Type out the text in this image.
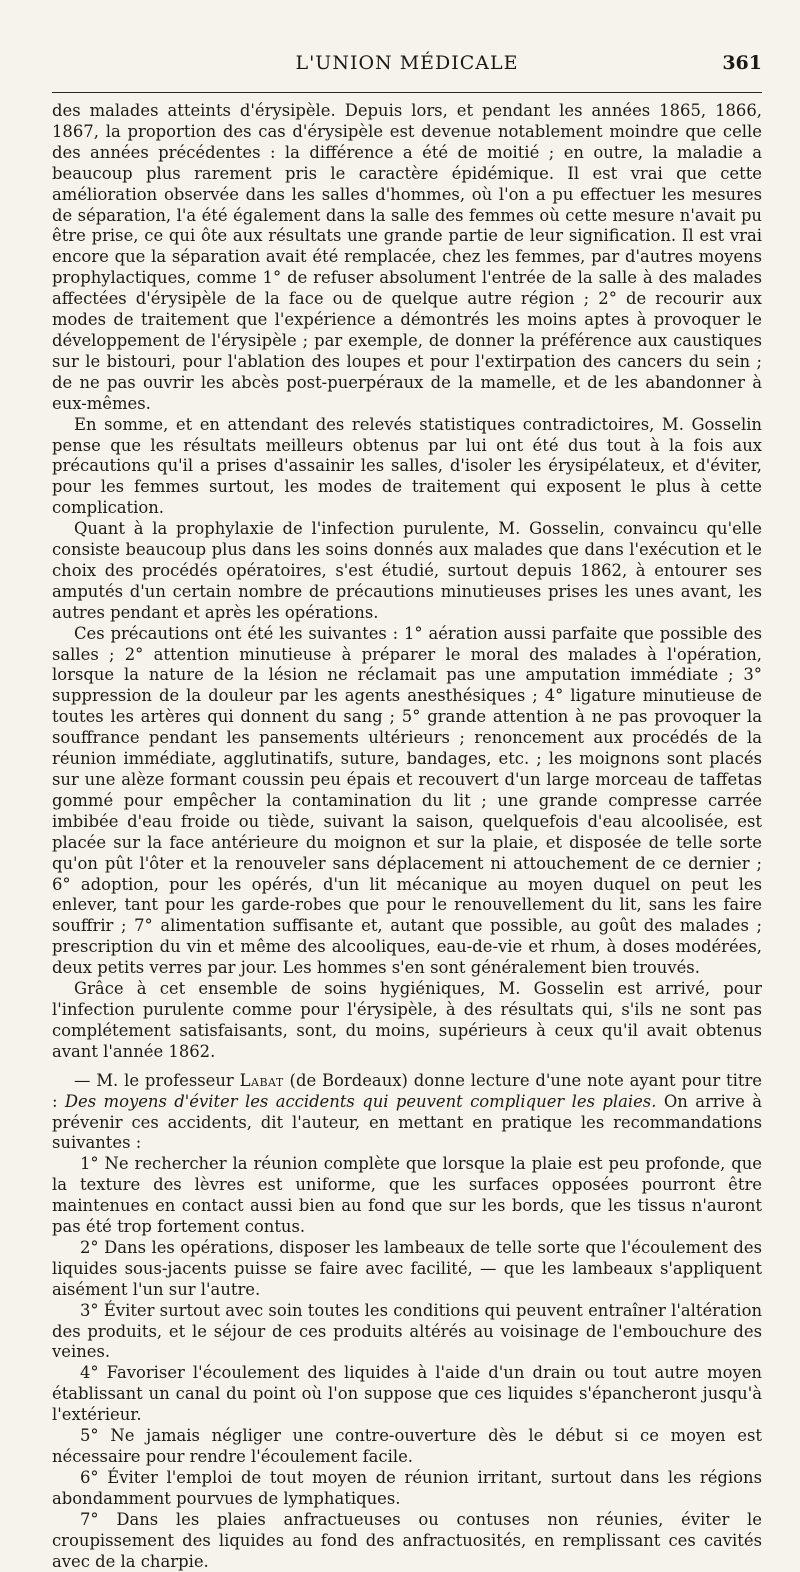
L'UNION MÉDICALE	361

des malades atteints d'érysipèle. Depuis lors, et pendant les années 1865, 1866, 1867, la proportion des cas d'érysipèle est devenue notablement moindre que celle des années précédentes : la différence a été de moitié ; en outre, la maladie a beaucoup plus rarement pris le caractère épidémique. Il est vrai que cette amélioration observée dans les salles d'hommes, où l'on a pu effectuer les mesures de séparation, l'a été également dans la salle des femmes où cette mesure n'avait pu être prise, ce qui ôte aux résultats une grande partie de leur signification. Il est vrai encore que la séparation avait été remplacée, chez les femmes, par d'autres moyens prophylactiques, comme 1° de refuser absolument l'entrée de la salle à des malades affectées d'érysipèle de la face ou de quelque autre région ; 2° de recourir aux modes de traitement que l'expérience a démontrés les moins aptes à provoquer le développement de l'érysipèle ; par exemple, de donner la préférence aux caustiques sur le bistouri, pour l'ablation des loupes et pour l'extirpation des cancers du sein ; de ne pas ouvrir les abcès post-puerpéraux de la mamelle, et de les abandonner à eux-mêmes.

En somme, et en attendant des relevés statistiques contradictoires, M. Gosselin pense que les résultats meilleurs obtenus par lui ont été dus tout à la fois aux précautions qu'il a prises d'assainir les salles, d'isoler les érysipélateux, et d'éviter, pour les femmes surtout, les modes de traitement qui exposent le plus à cette complication.

Quant à la prophylaxie de l'infection purulente, M. Gosselin, convaincu qu'elle consiste beaucoup plus dans les soins donnés aux malades que dans l'exécution et le choix des procédés opératoires, s'est étudié, surtout depuis 1862, à entourer ses amputés d'un certain nombre de précautions minutieuses prises les unes avant, les autres pendant et après les opérations.

Ces précautions ont été les suivantes : 1° aération aussi parfaite que possible des salles ; 2° attention minutieuse à préparer le moral des malades à l'opération, lorsque la nature de la lésion ne réclamait pas une amputation immédiate ; 3° suppression de la douleur par les agents anesthésiques ; 4° ligature minutieuse de toutes les artères qui donnent du sang ; 5° grande attention à ne pas provoquer la souffrance pendant les pansements ultérieurs ; renoncement aux procédés de la réunion immédiate, agglutinatifs, suture, bandages, etc. ; les moignons sont placés sur une alèze formant coussin peu épais et recouvert d'un large morceau de taffetas gommé pour empêcher la contamination du lit ; une grande compresse carrée imbibée d'eau froide ou tiède, suivant la saison, quelquefois d'eau alcoolisée, est placée sur la face antérieure du moignon et sur la plaie, et disposée de telle sorte qu'on pût l'ôter et la renouveler sans déplacement ni attouchement de ce dernier ; 6° adoption, pour les opérés, d'un lit mécanique au moyen duquel on peut les enlever, tant pour les garde-robes que pour le renouvellement du lit, sans les faire souffrir ; 7° alimentation suffisante et, autant que possible, au goût des malades ; prescription du vin et même des alcooliques, eau-de-vie et rhum, à doses modérées, deux petits verres par jour. Les hommes s'en sont généralement bien trouvés.

Grâce à cet ensemble de soins hygiéniques, M. Gosselin est arrivé, pour l'infection purulente comme pour l'érysipèle, à des résultats qui, s'ils ne sont pas complétement satisfaisants, sont, du moins, supérieurs à ceux qu'il avait obtenus avant l'année 1862.

— M. le professeur Labat (de Bordeaux) donne lecture d'une note ayant pour titre : Des moyens d'éviter les accidents qui peuvent compliquer les plaies. On arrive à prévenir ces accidents, dit l'auteur, en mettant en pratique les recommandations suivantes :

1° Ne rechercher la réunion complète que lorsque la plaie est peu profonde, que la texture des lèvres est uniforme, que les surfaces opposées pourront être maintenues en contact aussi bien au fond que sur les bords, que les tissus n'auront pas été trop fortement contus.

2° Dans les opérations, disposer les lambeaux de telle sorte que l'écoulement des liquides sous-jacents puisse se faire avec facilité, — que les lambeaux s'appliquent aisément l'un sur l'autre.

3° Éviter surtout avec soin toutes les conditions qui peuvent entraîner l'altération des produits, et le séjour de ces produits altérés au voisinage de l'embouchure des veines.

4° Favoriser l'écoulement des liquides à l'aide d'un drain ou tout autre moyen établissant un canal du point où l'on suppose que ces liquides s'épancheront jusqu'à l'extérieur.

5° Ne jamais négliger une contre-ouverture dès le début si ce moyen est nécessaire pour rendre l'écoulement facile.

6° Éviter l'emploi de tout moyen de réunion irritant, surtout dans les régions abondamment pourvues de lymphatiques.

7° Dans les plaies anfractueuses ou contuses non réunies, éviter le croupissement des liquides au fond des anfractuosités, en remplissant ces cavités avec de la charpie.
